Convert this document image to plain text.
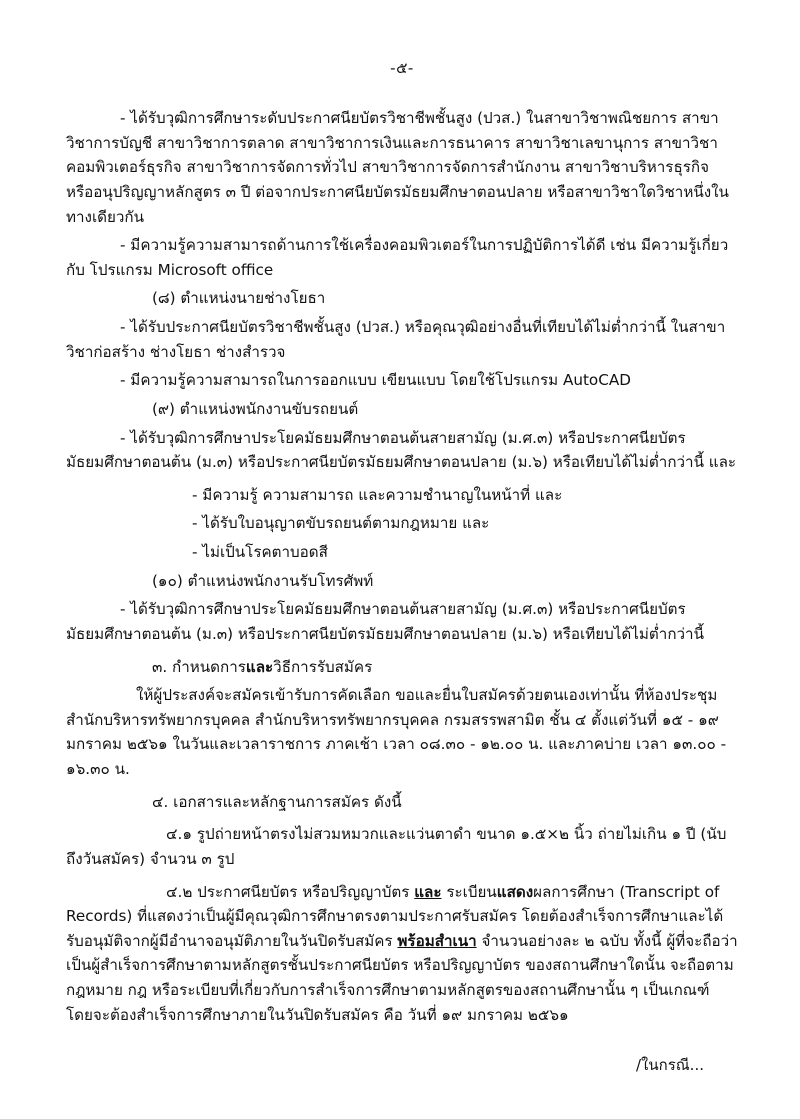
-๕-

- ได้รับวุฒิการศึกษาระดับประกาศนียบัตรวิชาชีพชั้นสูง (ปวส.) ในสาขาวิชาพณิชยการ สาขาวิชาการบัญชี สาขาวิชาการตลาด สาขาวิชาการเงินและการธนาคาร สาขาวิชาเลขานุการ สาขาวิชาคอมพิวเตอร์ธุรกิจ สาขาวิชาการจัดการทั่วไป สาขาวิชาการจัดการสำนักงาน สาขาวิชาบริหารธุรกิจ หรืออนุปริญญาหลักสูตร ๓ ปี ต่อจากประกาศนียบัตรมัธยมศึกษาตอนปลาย หรือสาขาวิชาใดวิชาหนึ่งในทางเดียวกัน

- มีความรู้ความสามารถด้านการใช้เครื่องคอมพิวเตอร์ในการปฏิบัติการได้ดี เช่น มีความรู้เกี่ยวกับ โปรแกรม Microsoft office

(๘) ตำแหน่งนายช่างโยธา

- ได้รับประกาศนียบัตรวิชาชีพชั้นสูง (ปวส.) หรือคุณวุฒิอย่างอื่นที่เทียบได้ไม่ต่ำกว่านี้ ในสาขาวิชาก่อสร้าง ช่างโยธา ช่างสำรวจ

- มีความรู้ความสามารถในการออกแบบ เขียนแบบ โดยใช้โปรแกรม AutoCAD

(๙) ตำแหน่งพนักงานขับรถยนต์

- ได้รับวุฒิการศึกษาประโยคมัธยมศึกษาตอนต้นสายสามัญ (ม.ศ.๓) หรือประกาศนียบัตรมัธยมศึกษาตอนต้น (ม.๓) หรือประกาศนียบัตรมัธยมศึกษาตอนปลาย (ม.๖) หรือเทียบได้ไม่ต่ำกว่านี้ และ

- มีความรู้ ความสามารถ และความชำนาญในหน้าที่ และ

- ได้รับใบอนุญาตขับรถยนต์ตามกฎหมาย และ

- ไม่เป็นโรคตาบอดสี

(๑๐) ตำแหน่งพนักงานรับโทรศัพท์

- ได้รับวุฒิการศึกษาประโยคมัธยมศึกษาตอนต้นสายสามัญ (ม.ศ.๓) หรือประกาศนียบัตรมัธยมศึกษาตอนต้น (ม.๓) หรือประกาศนียบัตรมัธยมศึกษาตอนปลาย (ม.๖) หรือเทียบได้ไม่ต่ำกว่านี้

๓. กำหนดการและวิธีการรับสมัคร

ให้ผู้ประสงค์จะสมัครเข้ารับการคัดเลือก ขอและยื่นใบสมัครด้วยตนเองเท่านั้น ที่ห้องประชุมสำนักบริหารทรัพยากรบุคคล สำนักบริหารทรัพยากรบุคคล กรมสรรพสามิต ชั้น ๔ ตั้งแต่วันที่ ๑๕ - ๑๙ มกราคม ๒๕๖๑ ในวันและเวลาราชการ ภาคเช้า เวลา ๐๘.๓๐ - ๑๒.๐๐ น. และภาคบ่าย เวลา ๑๓.๐๐ - ๑๖.๓๐ น.

๔. เอกสารและหลักฐานการสมัคร ดังนี้

๔.๑ รูปถ่ายหน้าตรงไม่สวมหมวกและแว่นตาดำ ขนาด ๑.๕×๒ นิ้ว ถ่ายไม่เกิน ๑ ปี (นับถึงวันสมัคร) จำนวน ๓ รูป

๔.๒ ประกาศนียบัตร หรือปริญญาบัตร และ ระเบียนแสดงผลการศึกษา (Transcript of Records) ที่แสดงว่าเป็นผู้มีคุณวุฒิการศึกษาตรงตามประกาศรับสมัคร โดยต้องสำเร็จการศึกษาและได้รับอนุมัติจากผู้มีอำนาจอนุมัติภายในวันปิดรับสมัคร พร้อมสำเนา จำนวนอย่างละ ๒ ฉบับ ทั้งนี้ ผู้ที่จะถือว่าเป็นผู้สำเร็จการศึกษาตามหลักสูตรชั้นประกาศนียบัตร หรือปริญญาบัตร ของสถานศึกษาใดนั้น จะถือตามกฎหมาย กฎ หรือระเบียบที่เกี่ยวกับการสำเร็จการศึกษาตามหลักสูตรของสถานศึกษานั้น ๆ เป็นเกณฑ์ โดยจะต้องสำเร็จการศึกษาภายในวันปิดรับสมัคร คือ วันที่ ๑๙ มกราคม ๒๕๖๑

/ในกรณี...
